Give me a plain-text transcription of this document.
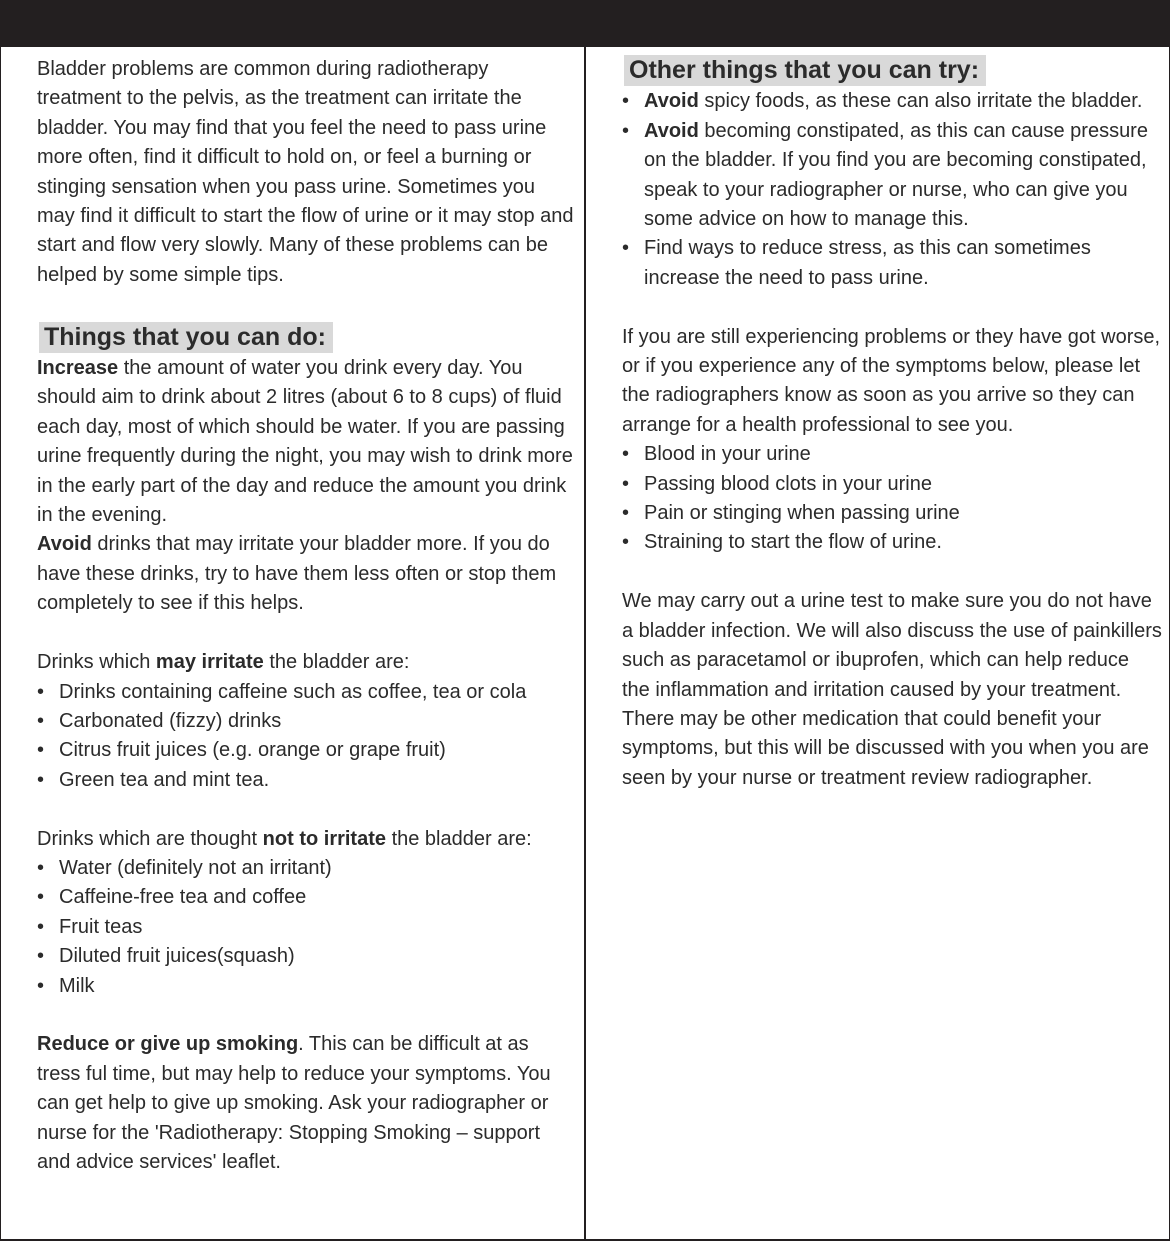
Bladder problems are common during radiotherapy treatment to the pelvis, as the treatment can irritate the bladder. You may find that you feel the need to pass urine more often, find it difficult to hold on, or feel a burning or stinging sensation when you pass urine. Sometimes you may find it difficult to start the flow of urine or it may stop and start and flow very slowly. Many of these problems can be helped by some simple tips.

Things that you can do:

Increase the amount of water you drink every day. You should aim to drink about 2 litres (about 6 to 8 cups) of fluid each day, most of which should be water. If you are passing urine frequently during the night, you may wish to drink more in the early part of the day and reduce the amount you drink in the evening.

Avoid drinks that may irritate your bladder more. If you do have these drinks, try to have them less often or stop them completely to see if this helps.

Drinks which may irritate the bladder are:

• Drinks containing caffeine such as coffee, tea or cola
• Carbonated (fizzy) drinks
• Citrus fruit juices (e.g. orange or grape fruit)
• Green tea and mint tea.

Drinks which are thought not to irritate the bladder are:

• Water (definitely not an irritant)
• Caffeine-free tea and coffee
• Fruit teas
• Diluted fruit juices(squash)
• Milk

Reduce or give up smoking. This can be difficult at as tress ful time, but may help to reduce your symptoms. You can get help to give up smoking. Ask your radiographer or nurse for the 'Radiotherapy: Stopping Smoking – support and advice services' leaflet.

Other things that you can try:
• Avoid spicy foods, as these can also irritate the bladder.
• Avoid becoming constipated, as this can cause pressure on the bladder. If you find you are becoming constipated, speak to your radiographer or nurse, who can give you some advice on how to manage this.
• Find ways to reduce stress, as this can sometimes increase the need to pass urine.

If you are still experiencing problems or they have got worse, or if you experience any of the symptoms below, please let the radiographers know as soon as you arrive so they can arrange for a health professional to see you.

• Blood in your urine
• Passing blood clots in your urine
• Pain or stinging when passing urine
• Straining to start the flow of urine.

We may carry out a urine test to make sure you do not have a bladder infection. We will also discuss the use of painkillers such as paracetamol or ibuprofen, which can help reduce the inflammation and irritation caused by your treatment.

There may be other medication that could benefit your symptoms, but this will be discussed with you when you are seen by your nurse or treatment review radiographer.
